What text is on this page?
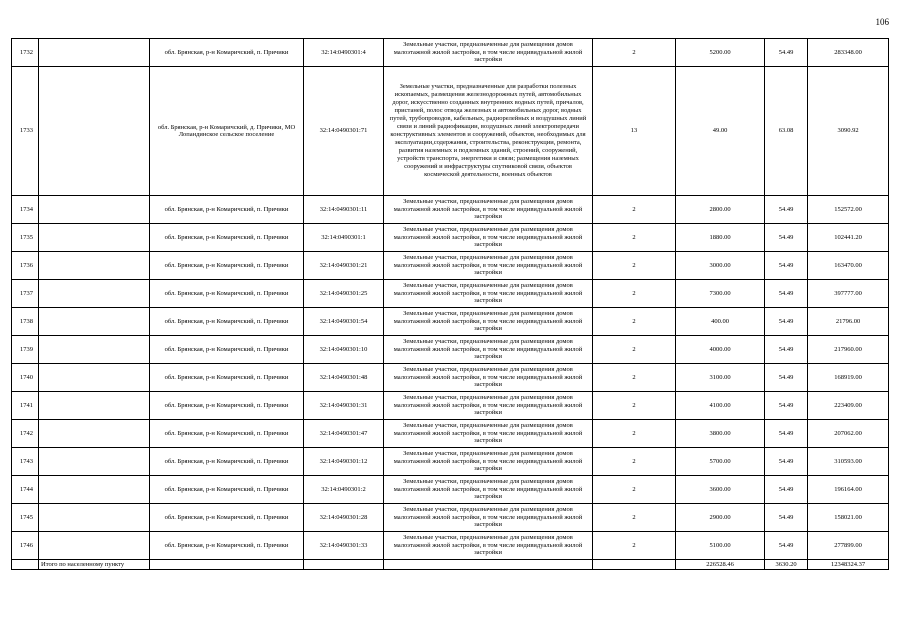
106
1732		обл. Брянская, р-н Комаричский, п. Причики	32:14:0490301:4	Земельные участки, предназначенные для размещения домов малоэтажной жилой застройки, в том числе индивидуальной жилой застройки	2	5200.00	54.49	283348.00
1733		обл. Брянская, р-н Комаричский, д. Причики, МО Лопандинское сельское поселение	32:14:0490301:71	Земельные участки, предназначенные для разработки полезных ископаемых, размещения железнодорожных путей, автомобильных дорог, искусственно созданных внутренних водных путей, причалов, пристаней, полос отвода железных и автомобильных дорог, водных путей, трубопроводов, кабельных, радиорелейных и воздушных линий связи и линий радиофикации, воздушных линий электропередачи конструктивных элементов и сооружений, объектов, необходимых для эксплуатации,содержания, строительства, реконструкции, ремонта, развития наземных и подземных зданий, строений, сооружений, устройств транспорта, энергетики и связи; размещения наземных сооружений и инфраструктуры спутниковой связи, объектов космической деятельности, военных объектов	13	49.00	63.08	3090.92
1734		обл. Брянская, р-н Комаричский, п. Причики	32:14:0490301:11	Земельные участки, предназначенные для размещения домов малоэтажной жилой застройки, в том числе индивидуальной жилой застройки	2	2800.00	54.49	152572.00
1735		обл. Брянская, р-н Комаричский, п. Причики	32:14:0490301:1	Земельные участки, предназначенные для размещения домов малоэтажной жилой застройки, в том числе индивидуальной жилой застройки	2	1880.00	54.49	102441.20
1736		обл. Брянская, р-н Комаричский, п. Причики	32:14:0490301:21	Земельные участки, предназначенные для размещения домов малоэтажной жилой застройки, в том числе индивидуальной жилой застройки	2	3000.00	54.49	163470.00
1737		обл. Брянская, р-н Комаричский, п. Причики	32:14:0490301:25	Земельные участки, предназначенные для размещения домов малоэтажной жилой застройки, в том числе индивидуальной жилой застройки	2	7300.00	54.49	397777.00
1738		обл. Брянская, р-н Комаричский, п. Причики	32:14:0490301:54	Земельные участки, предназначенные для размещения домов малоэтажной жилой застройки, в том числе индивидуальной жилой застройки	2	400.00	54.49	21796.00
1739		обл. Брянская, р-н Комаричский, п. Причики	32:14:0490301:10	Земельные участки, предназначенные для размещения домов малоэтажной жилой застройки, в том числе индивидуальной жилой застройки	2	4000.00	54.49	217960.00
1740		обл. Брянская, р-н Комаричский, п. Причики	32:14:0490301:48	Земельные участки, предназначенные для размещения домов малоэтажной жилой застройки, в том числе индивидуальной жилой застройки	2	3100.00	54.49	168919.00
1741		обл. Брянская, р-н Комаричский, п. Причики	32:14:0490301:31	Земельные участки, предназначенные для размещения домов малоэтажной жилой застройки, в том числе индивидуальной жилой застройки	2	4100.00	54.49	223409.00
1742		обл. Брянская, р-н Комаричский, п. Причики	32:14:0490301:47	Земельные участки, предназначенные для размещения домов малоэтажной жилой застройки, в том числе индивидуальной жилой застройки	2	3800.00	54.49	207062.00
1743		обл. Брянская, р-н Комаричский, п. Причики	32:14:0490301:12	Земельные участки, предназначенные для размещения домов малоэтажной жилой застройки, в том числе индивидуальной жилой застройки	2	5700.00	54.49	310593.00
1744		обл. Брянская, р-н Комаричский, п. Причики	32:14:0490301:2	Земельные участки, предназначенные для размещения домов малоэтажной жилой застройки, в том числе индивидуальной жилой застройки	2	3600.00	54.49	196164.00
1745		обл. Брянская, р-н Комаричский, п. Причики	32:14:0490301:28	Земельные участки, предназначенные для размещения домов малоэтажной жилой застройки, в том числе индивидуальной жилой застройки	2	2900.00	54.49	158021.00
1746		обл. Брянская, р-н Комаричский, п. Причики	32:14:0490301:33	Земельные участки, предназначенные для размещения домов малоэтажной жилой застройки, в том числе индивидуальной жилой застройки	2	5100.00	54.49	277899.00
	Итого по населенному пункту					226528.46	3630.20	12348324.37
